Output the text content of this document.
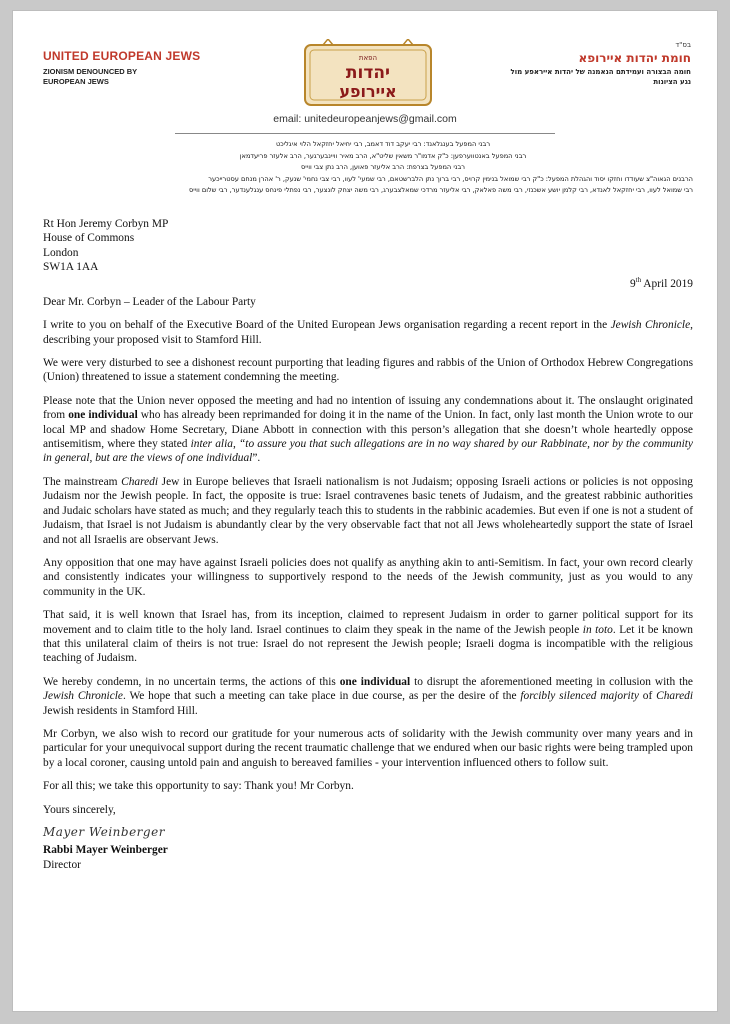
UNITED EUROPEAN JEWS
ZIONISM DENOUNCED BY EUROPEAN JEWS
הפאת
יהדות
איירופע
בס"ד
חומת יהדות איירופא
חומה הבצורה ועמידתם הנאמנה של יהדות אייראפע מול נגע הציונות
email: unitedeuropeanjews@gmail.com
רבני המפעל בענגלאנד: רבי יעקב דוד דאמב, רבי יחיאל יחזקאל הלוי איגליכט
רבני המפעל באנטווערפען: כ"ק אדמו"ר משאין שליט"א, הרב מאיר וויינבערגער, הרב אלעזר פריעדמאן
רבני המפעל בצרפת: הרב אליעזר פאוען, הרב נתן צבי ווייס
הרבנים הגאוה"צ שעודדו וחזקו יסוד והגהלת המפעל: כ"ק רבי שמואל בנימין קרויס, רבי ברוך נתן הלברשטאם, רבי שמעי' לעוו, רבי צבי נחמי' שנעק, ר' אהרן מנחם עסטרייכער
רבי שמואל לעוו, רבי יחזקאל לאנדא, רבי קלמן יושע אשכנזי, רבי משה פאלאק, רבי אליעזר מרדכי שמאלצבערג, רבי משה יצחק לונצער, רבי נפתלי פינחס ענגלענדער, רבי שלום ווייס
Rt Hon Jeremy Corbyn MP
House of Commons
London
SW1A 1AA
9th April 2019
Dear Mr. Corbyn – Leader of the Labour Party

I write to you on behalf of the Executive Board of the United European Jews organisation regarding a recent report in the Jewish Chronicle, describing your proposed visit to Stamford Hill.

We were very disturbed to see a dishonest recount purporting that leading figures and rabbis of the Union of Orthodox Hebrew Congregations (Union) threatened to issue a statement condemning the meeting.

Please note that the Union never opposed the meeting and had no intention of issuing any condemnations about it. The onslaught originated from one individual who has already been reprimanded for doing it in the name of the Union. In fact, only last month the Union wrote to our local MP and shadow Home Secretary, Diane Abbott in connection with this person’s allegation that she doesn’t whole heartedly oppose antisemitism, where they stated inter alia, “to assure you that such allegations are in no way shared by our Rabbinate, nor by the community in general, but are the views of one individual”.

The mainstream Charedi Jew in Europe believes that Israeli nationalism is not Judaism; opposing Israeli actions or policies is not opposing Judaism nor the Jewish people. In fact, the opposite is true: Israel contravenes basic tenets of Judaism, and the greatest rabbinic authorities and Judaic scholars have stated as much; and they regularly teach this to students in the rabbinic academies. But even if one is not a student of Judaism, that Israel is not Judaism is abundantly clear by the very observable fact that not all Jews wholeheartedly support the state of Israel and not all Israelis are observant Jews.

Any opposition that one may have against Israeli policies does not qualify as anything akin to anti-Semitism. In fact, your own record clearly and consistently indicates your willingness to supportively respond to the needs of the Jewish community, just as you would to any community in the UK.

That said, it is well known that Israel has, from its inception, claimed to represent Judaism in order to garner political support for its movement and to claim title to the holy land. Israel continues to claim they speak in the name of the Jewish people in toto. Let it be known that this unilateral claim of theirs is not true: Israel do not represent the Jewish people; Israeli dogma is incompatible with the religious teaching of Judaism.

We hereby condemn, in no uncertain terms, the actions of this one individual to disrupt the aforementioned meeting in collusion with the Jewish Chronicle. We hope that such a meeting can take place in due course, as per the desire of the forcibly silenced majority of Charedi Jewish residents in Stamford Hill.

Mr Corbyn, we also wish to record our gratitude for your numerous acts of solidarity with the Jewish community over many years and in particular for your unequivocal support during the recent traumatic challenge that we endured when our basic rights were being trampled upon by a local coroner, causing untold pain and anguish to bereaved families - your intervention influenced others to follow suit.

For all this; we take this opportunity to say: Thank you! Mr Corbyn.

Yours sincerely,
Mayer Weinberger
Rabbi Mayer Weinberger
Director
